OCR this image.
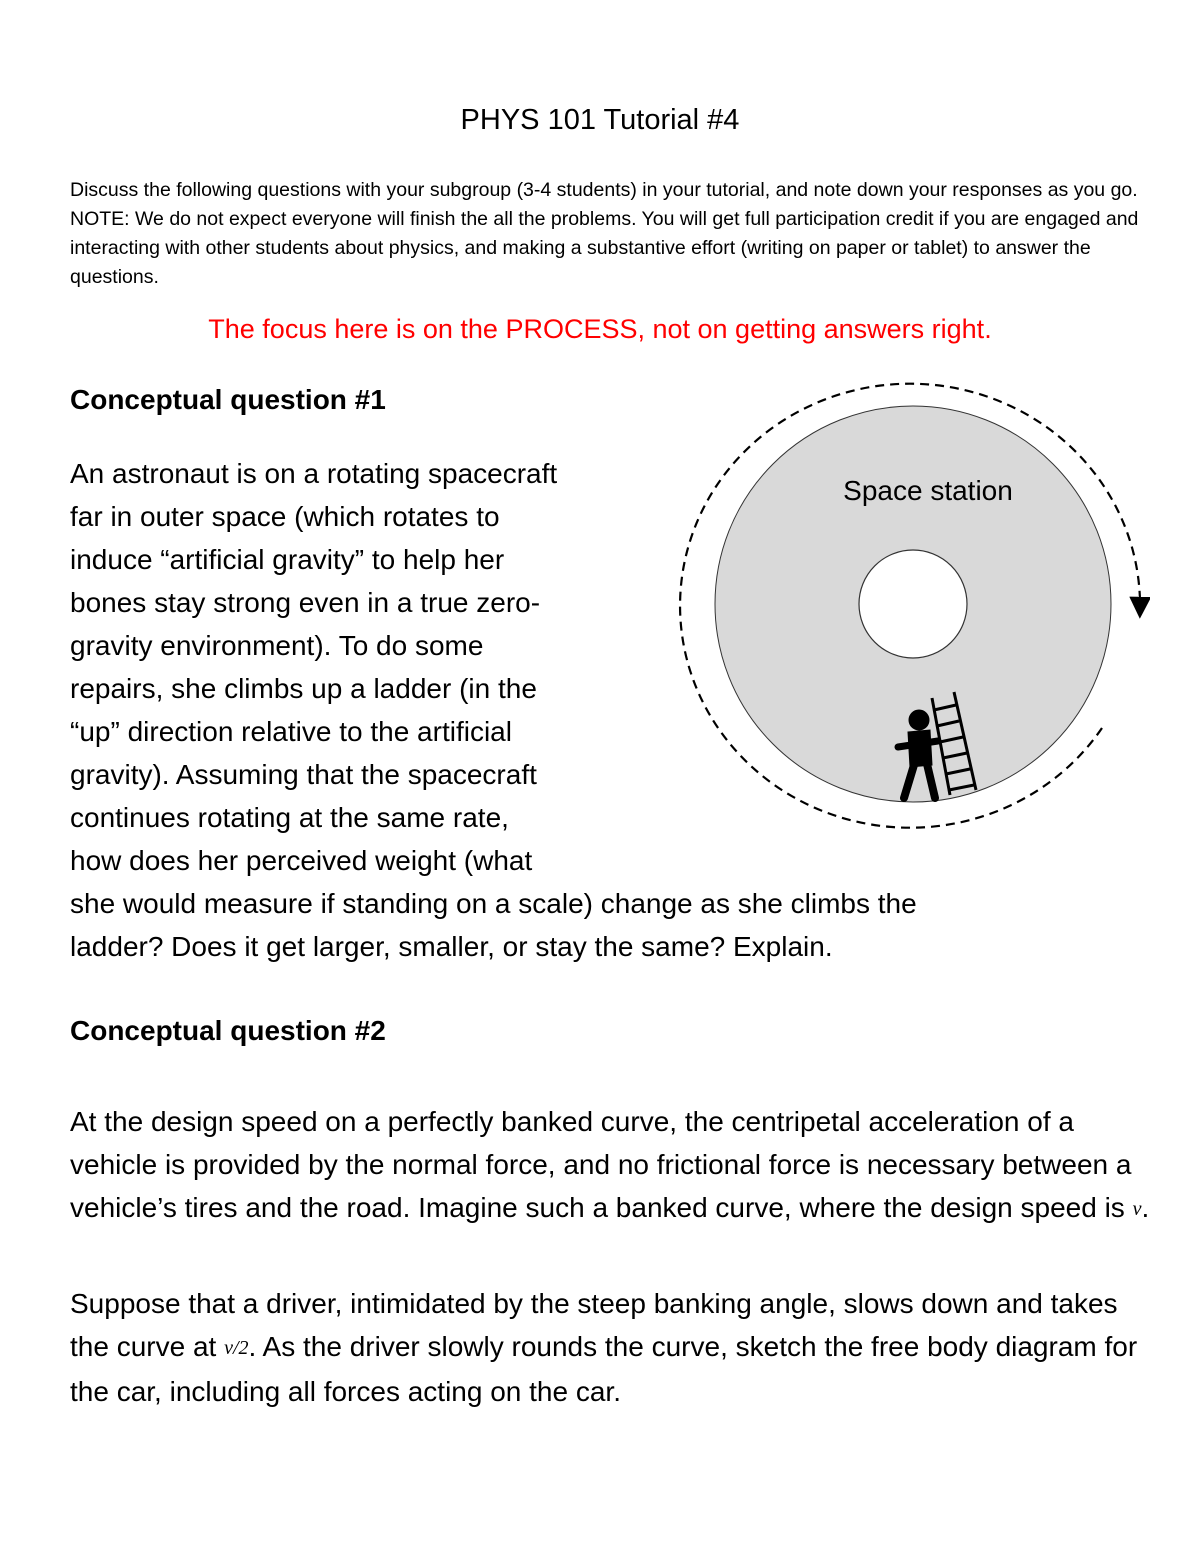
PHYS 101 Tutorial #4
Discuss the following questions with your subgroup (3-4 students) in your tutorial, and note down your responses as you go. NOTE: We do not expect everyone will finish the all the problems. You will get full participation credit if you are engaged and interacting with other students about physics, and making a substantive effort (writing on paper or tablet) to answer the questions.
The focus here is on the PROCESS, not on getting answers right.
Conceptual question #1
An astronaut is on a rotating spacecraft
far in outer space (which rotates to
induce “artificial gravity” to help her
bones stay strong even in a true zero-
gravity environment). To do some
repairs, she climbs up a ladder (in the
“up” direction relative to the artificial
gravity). Assuming that the spacecraft
continues rotating at the same rate,
how does her perceived weight (what
she would measure if standing on a scale) change as she climbs the
ladder? Does it get larger, smaller, or stay the same? Explain.
Space station
Conceptual question #2
At the design speed on a perfectly banked curve, the centripetal acceleration of a vehicle is provided by the normal force, and no frictional force is necessary between a vehicle’s tires and the road. Imagine such a banked curve, where the design speed is v.
Suppose that a driver, intimidated by the steep banking angle, slows down and takes the curve at v/2. As the driver slowly rounds the curve, sketch the free body diagram for the car, including all forces acting on the car.
